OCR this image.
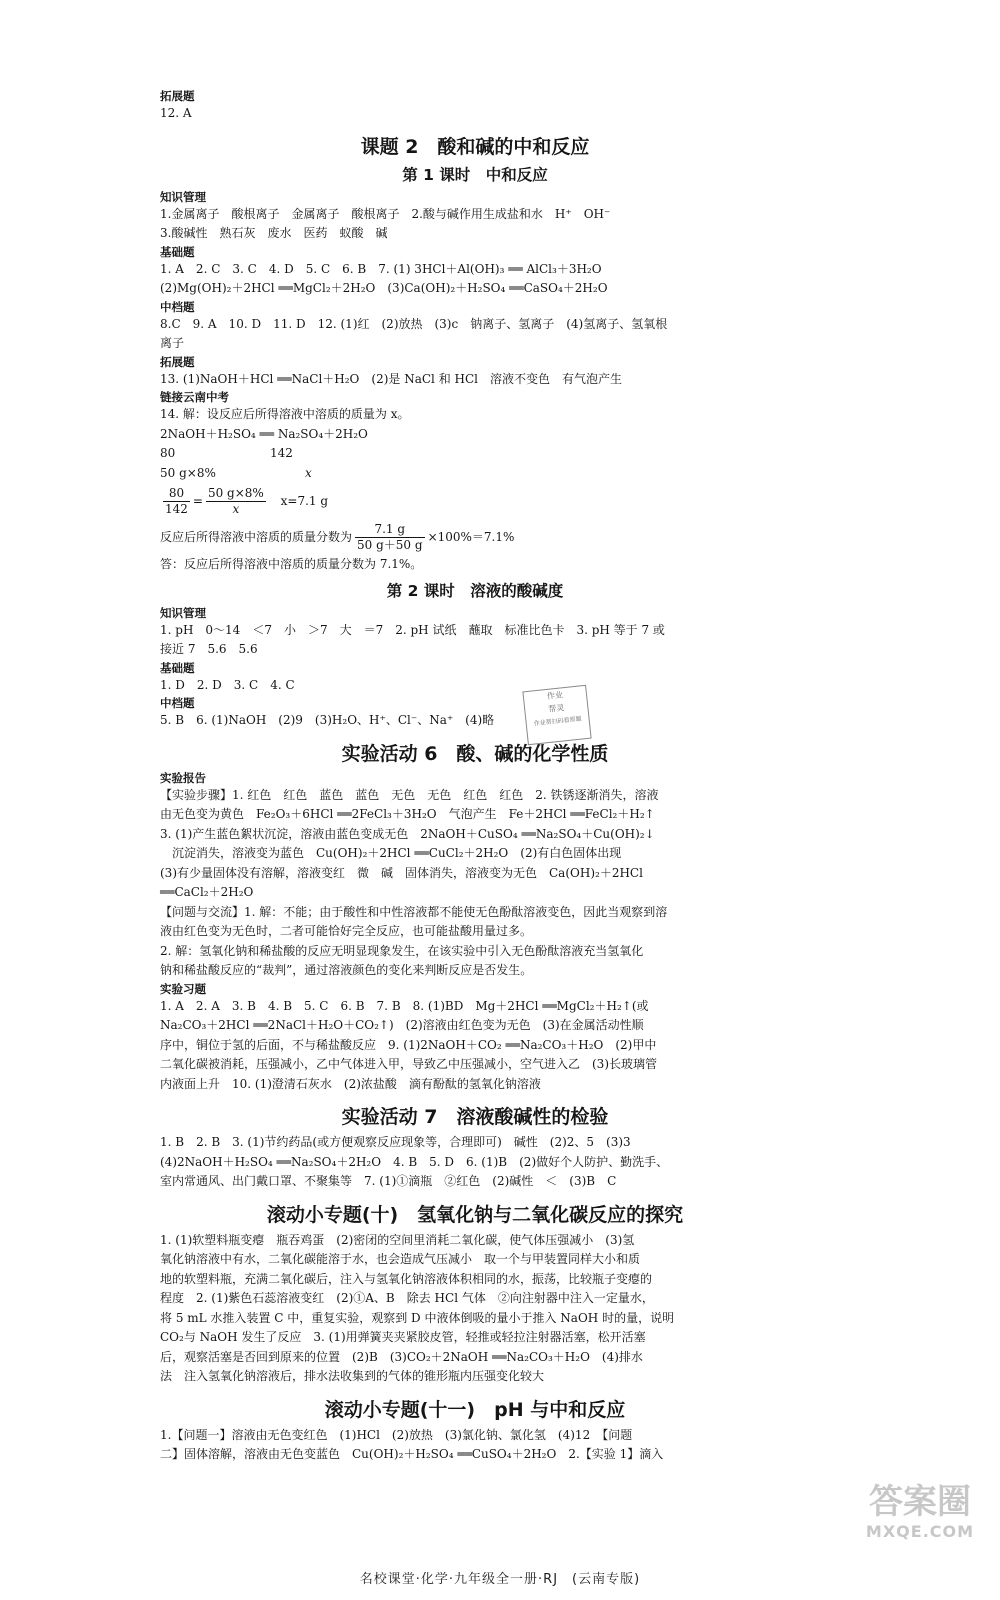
拓展题
12. A
课题 2　酸和碱的中和反应
第 1 课时　中和反应
知识管理
1.金属离子　酸根离子　金属离子　酸根离子　2.酸与碱作用生成盐和水　H⁺　OH⁻
3.酸碱性　熟石灰　废水　医药　蚁酸　碱
基础题
1. A　2. C　3. C　4. D　5. C　6. B　7. (1) 3HCl＋Al(OH)₃ ══ AlCl₃＋3H₂O
(2)Mg(OH)₂＋2HCl ══MgCl₂＋2H₂O　(3)Ca(OH)₂＋H₂SO₄ ══CaSO₄＋2H₂O
中档题
8.C　9. A　10. D　11. D　12. (1)红　(2)放热　(3)c　钠离子、氢离子　(4)氢离子、氢氧根
离子
拓展题
13. (1)NaOH＋HCl ══NaCl＋H₂O　(2)是 NaCl 和 HCl　溶液不变色　有气泡产生
链接云南中考
14. 解：设反应后所得溶液中溶质的质量为 x。
2NaOH＋H₂SO₄ ══ Na₂SO₄＋2H₂O
80	142
50 g×8%	x
$\frac{80}{142} = \frac{50 g\times 8\%}{x} x=7.1$ g
反应后所得溶液中溶质的质量分数为 $\frac{7.1 g}{50 g+50 g} \times 100\%=7.1\%$
答：反应后所得溶液中溶质的质量分数为 7.1%。
第 2 课时　溶液的酸碱度
知识管理
1. pH　0～14　＜7　小　＞7　大　＝7　2. pH 试纸　蘸取　标准比色卡　3. pH 等于 7 或
接近 7　5.6　5.6
基础题
1. D　2. D　3. C　4. C
中档题
5. B　6. (1)NaOH　(2)9　(3)H₂O、H⁺、Cl⁻、Na⁺　(4)略
实验活动 6　酸、碱的化学性质
实验报告
【实验步骤】1. 红色　红色　蓝色　蓝色　无色　无色　红色　红色　2. 铁锈逐渐消失，溶液
由无色变为黄色　Fe₂O₃＋6HCl ══2FeCl₃＋3H₂O　气泡产生　Fe＋2HCl ══FeCl₂＋H₂↑
3. (1)产生蓝色絮状沉淀，溶液由蓝色变成无色　2NaOH＋CuSO₄ ══Na₂SO₄＋Cu(OH)₂↓
　沉淀消失，溶液变为蓝色　Cu(OH)₂＋2HCl ══CuCl₂＋2H₂O　(2)有白色固体出现
(3)有少量固体没有溶解，溶液变红　微　碱　固体消失，溶液变为无色　Ca(OH)₂＋2HCl
══CaCl₂＋2H₂O
【问题与交流】1. 解：不能；由于酸性和中性溶液都不能使无色酚酞溶液变色，因此当观察到溶
液由红色变为无色时，二者可能恰好完全反应，也可能盐酸用量过多。
2. 解：氢氧化钠和稀盐酸的反应无明显现象发生，在该实验中引入无色酚酞溶液充当氢氧化
钠和稀盐酸反应的“裁判”，通过溶液颜色的变化来判断反应是否发生。
实验习题
1. A　2. A　3. B　4. B　5. C　6. B　7. B　8. (1)BD　Mg＋2HCl ══MgCl₂＋H₂↑(或
Na₂CO₃＋2HCl ══2NaCl＋H₂O＋CO₂↑)　(2)溶液由红色变为无色　(3)在金属活动性顺
序中，铜位于氢的后面，不与稀盐酸反应　9. (1)2NaOH＋CO₂ ══Na₂CO₃＋H₂O　(2)甲中
二氧化碳被消耗，压强减小，乙中气体进入甲，导致乙中压强减小，空气进入乙　(3)长玻璃管
内液面上升　10. (1)澄清石灰水　(2)浓盐酸　滴有酚酞的氢氧化钠溶液
实验活动 7　溶液酸碱性的检验
1. B　2. B　3. (1)节约药品(或方便观察反应现象等，合理即可)　碱性　(2)2、5　(3)3
(4)2NaOH＋H₂SO₄ ══Na₂SO₄＋2H₂O　4. B　5. D　6. (1)B　(2)做好个人防护、勤洗手、
室内常通风、出门戴口罩、不聚集等　7. (1)①滴瓶　②红色　(2)碱性　＜　(3)B　C
滚动小专题(十)　氢氧化钠与二氧化碳反应的探究
1. (1)软塑料瓶变瘪　瓶吞鸡蛋　(2)密闭的空间里消耗二氧化碳，使气体压强减小　(3)氢
氧化钠溶液中有水，二氧化碳能溶于水，也会造成气压减小　取一个与甲装置同样大小和质
地的软塑料瓶，充满二氧化碳后，注入与氢氧化钠溶液体积相同的水，振荡，比较瓶子变瘪的
程度　2. (1)紫色石蕊溶液变红　(2)①A、B　除去 HCl 气体　②向注射器中注入一定量水，
将 5 mL 水推入装置 C 中，重复实验，观察到 D 中液体倒吸的量小于推入 NaOH 时的量，说明
CO₂与 NaOH 发生了反应　3. (1)用弹簧夹夹紧胶皮管，轻推或轻拉注射器活塞，松开活塞
后，观察活塞是否回到原来的位置　(2)B　(3)CO₂＋2NaOH ══Na₂CO₃＋H₂O　(4)排水
法　注入氢氧化钠溶液后，排水法收集到的气体的锥形瓶内压强变化较大
滚动小专题(十一)　pH 与中和反应
1.【问题一】溶液由无色变红色　(1)HCl　(2)放热　(3)氯化钠、氯化氢　(4)12　【问题
二】固体溶解，溶液由无色变蓝色　Cu(OH)₂＋H₂SO₄ ══CuSO₄＋2H₂O　2.【实验 1】滴入
作业
帮灵
作业帮扫码看原题
名校课堂·化学·九年级全一册·RJ　(云南专版)
答案圈
MXQE.COM
